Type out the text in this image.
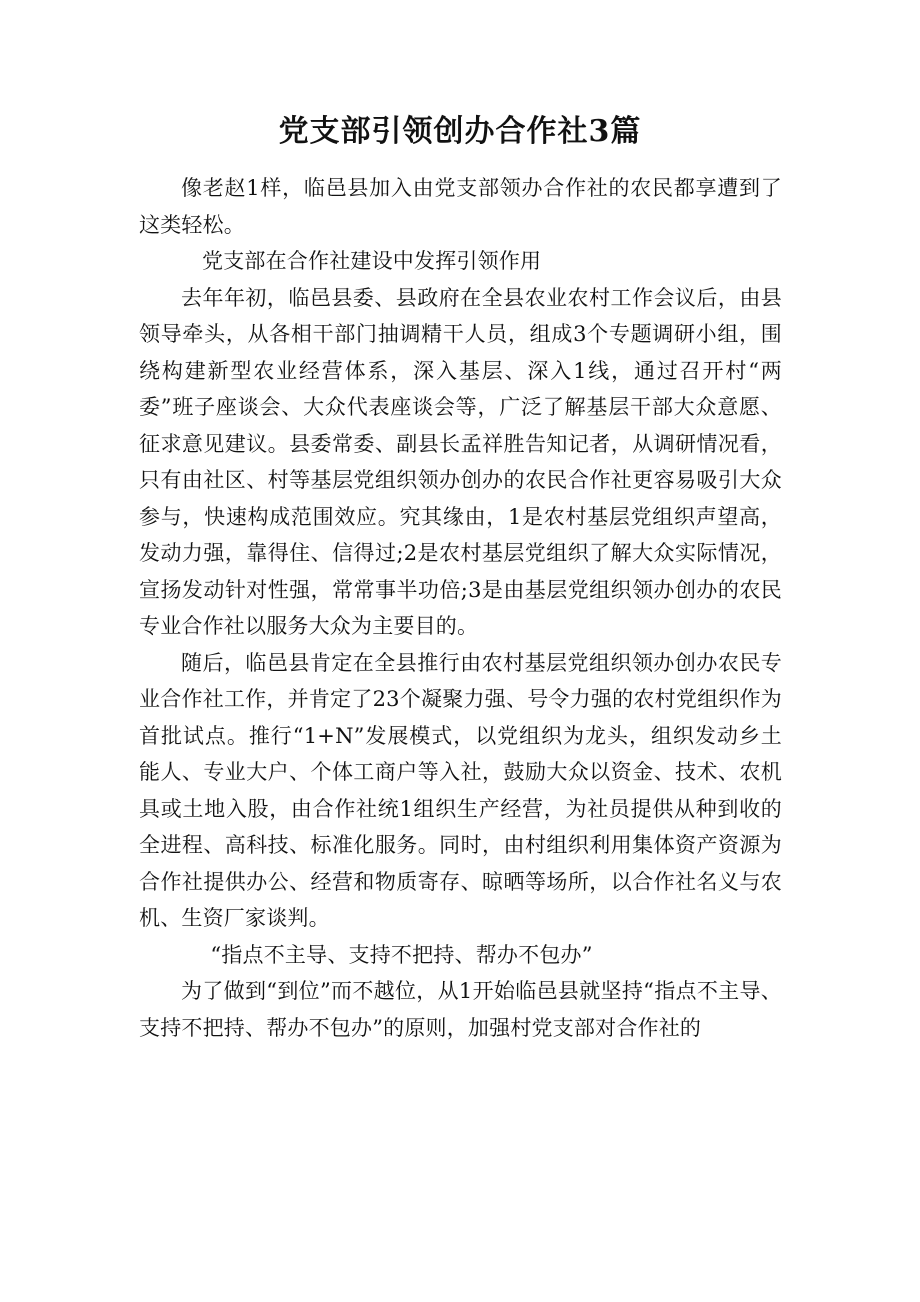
党支部引领创办合作社3篇

像老赵1样，临邑县加入由党支部领办合作社的农民都享遭到了这类轻松。

党支部在合作社建设中发挥引领作用

去年年初，临邑县委、县政府在全县农业农村工作会议后，由县领导牵头，从各相干部门抽调精干人员，组成3个专题调研小组，围绕构建新型农业经营体系，深入基层、深入1线，通过召开村“两委”班子座谈会、大众代表座谈会等，广泛了解基层干部大众意愿、征求意见建议。县委常委、副县长孟祥胜告知记者，从调研情况看，只有由社区、村等基层党组织领办创办的农民合作社更容易吸引大众参与，快速构成范围效应。究其缘由，1是农村基层党组织声望高，发动力强，靠得住、信得过;2是农村基层党组织了解大众实际情况，宣扬发动针对性强，常常事半功倍;3是由基层党组织领办创办的农民专业合作社以服务大众为主要目的。

随后，临邑县肯定在全县推行由农村基层党组织领办创办农民专业合作社工作，并肯定了23个凝聚力强、号令力强的农村党组织作为首批试点。推行“1+N”发展模式，以党组织为龙头，组织发动乡土能人、专业大户、个体工商户等入社，鼓励大众以资金、技术、农机具或土地入股，由合作社统1组织生产经营，为社员提供从种到收的全进程、高科技、标准化服务。同时，由村组织利用集体资产资源为合作社提供办公、经营和物质寄存、晾晒等场所，以合作社名义与农机、生资厂家谈判。

“指点不主导、支持不把持、帮办不包办”

为了做到“到位”而不越位，从1开始临邑县就坚持“指点不主导、支持不把持、帮办不包办”的原则，加强村党支部对合作社的
